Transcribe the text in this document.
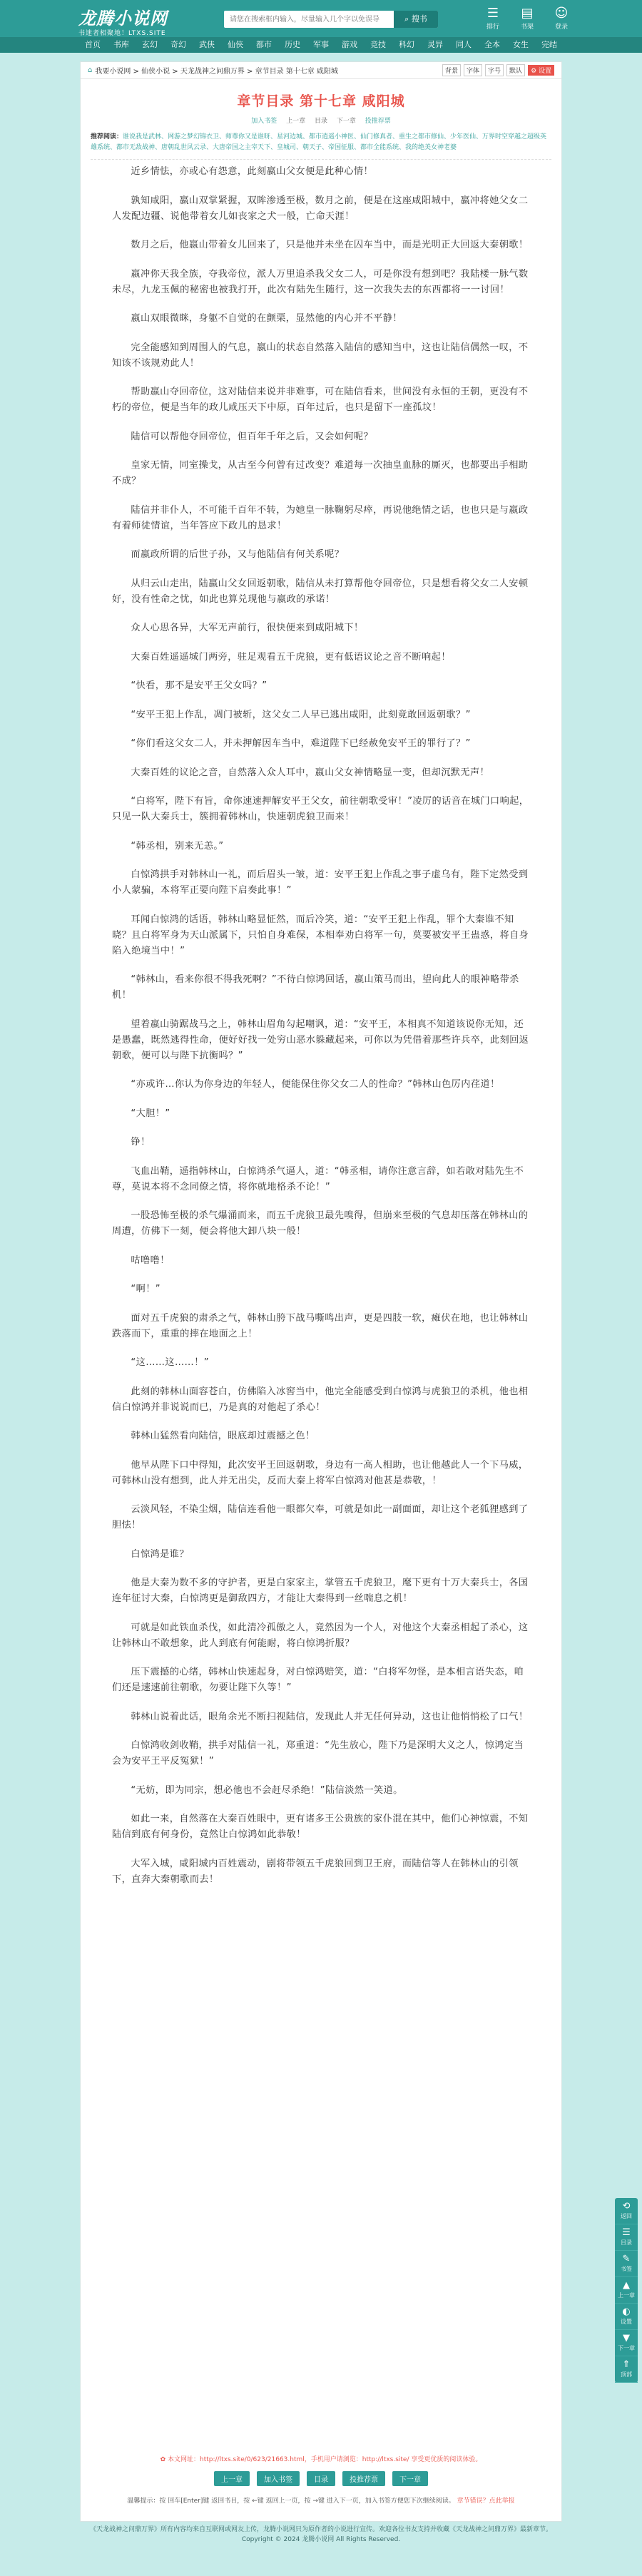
龙腾小说网
书迷者相聚地！LTXS.SITE
请您在搜索框内输入，尽量输入几个字以免误导
⌕ 搜书	☰
排行
▤
书架
☺
登录
首页	书库	玄幻	奇幻	武侠	仙侠	都市	历史	军事	游戏	竞技	科幻	灵异	同人	全本	女生	完结
⌂ 我要小说网 > 仙侠小说 > 天龙战神之问鼎万界 > 章节目录 第十七章 咸阳城	背景	字体	字号	默认	⚙ 设置
章节目录 第十七章 咸阳城
加入书签 上一章 目录 下一章 投推荐票
推荐阅读：谁说我是武林、网游之梦幻锦衣卫、师尊你又是谁呀、星河边城、都市逍遥小神医、仙门修真者、重生之都市修仙、少年医仙、万界时空穿越之超级英雄系统、都市无敌战神、唐朝乱世风云录、大唐帝国之主宰天下、皇城司、朝天子、帝国征服、都市全能系统、我的绝美女神老婆

近乡情怯，亦或心有怨意，此刻嬴山父女便是此种心情！

孰知咸阳，嬴山双掌紧握，双眸渗透至极，数月之前，便是在这座咸阳城中，嬴冲将她父女二人发配边疆、说他带着女儿如丧家之犬一般，亡命天涯！

数月之后，他嬴山带着女儿回来了，只是他并未坐在囚车当中，而是光明正大回返大秦朝歌！

嬴冲你天我全族，夺我帝位，派人万里追杀我父女二人，可是你没有想到吧？我陆楼一脉气数未尽，九龙玉佩的秘密也被我打开，此次有陆先生随行，这一次我失去的东西都将一一讨回！

嬴山双眼微眯，身躯不自觉的在颤栗，显然他的内心并不平静！

完全能感知到周围人的气息，嬴山的状态自然落入陆信的感知当中，这也让陆信偶然一叹，不知该不该规劝此人！

帮助嬴山夺回帝位，这对陆信来说并非难事，可在陆信看来，世间没有永恒的王朝，更没有不朽的帝位，便是当年的政儿咸压天下中原，百年过后，也只是留下一座孤坟！

陆信可以帮他夺回帝位，但百年千年之后，又会如何呢？

皇家无情，同室操戈，从古至今何曾有过改变？难道每一次抽皇血脉的厮灭，也都要出手相助不成？

陆信并非仆人，不可能千百年不转，为她皇一脉鞠躬尽瘁，再说他绝情之话，也也只是与嬴政有着师徒情谊，当年答应下政儿的恳求！

而嬴政所谓的后世子孙，又与他陆信有何关系呢？

从归云山走出，陆嬴山父女回返朝歌，陆信从未打算帮他夺回帝位，只是想看将父女二人安顿好，没有性命之忧，如此也算兑现他与嬴政的承诺！

众人心思各异，大军无声前行，很快便来到咸阳城下！

大秦百姓遥遥城门两旁，驻足观看五千虎狼，更有低语议论之音不断响起！

“快看，那不是安平王父女吗？”

“安平王犯上作乱，凋门被斩，这父女二人早已逃出咸阳，此刻竟敢回返朝歌？”

“你们看这父女二人，并未押解因车当中，难道陛下已经赦免安平王的罪行了？”

大秦百姓的议论之音，自然落入众人耳中，嬴山父女神情略显一变，但却沉默无声！

“白将军，陛下有旨，命你速速押解安平王父女，前往朝歌受审！”凌厉的话音在城门口响起，只见一队大秦兵士，簇拥着韩林山，快速朝虎狼卫而来！

“韩丞相，别来无恙。”

白惊鸿拱手对韩林山一礼，而后眉头一皱，道：安平王犯上作乱之事子虚乌有，陛下定然受到小人蒙骗，本将军正要向陛下启奏此事！”

耳闻白惊鸿的话语，韩林山略显怔然，而后冷笑，道：“安平王犯上作乱，罪个大秦谁不知晓？且白将军身为天山派属下，只怕自身难保，本相奉劝白将军一句，莫要被安平王蛊惑，将自身陷入绝境当中！”

“韩林山，看来你很不得我死啊？”不待白惊鸿回话，嬴山策马而出，望向此人的眼神略带杀机！

望着嬴山骑踞战马之上，韩林山眉角勾起嘲讽，道：“安平王，本相真不知道该说你无知，还是愚蠢，既然逃得性命，便好好找一处穷山恶水躲藏起来，可你以为凭借着那些许兵卒，此刻回返朝歌，便可以与陛下抗衡吗？”

“亦或许…你认为你身边的年轻人，便能保住你父女二人的性命？”韩林山色厉内荏道！

“大胆！”

铮！

飞血出鞘，遥指韩林山，白惊鸿杀气逼人，道：“韩丞相，请你注意言辞，如若敢对陆先生不尊，莫说本将不念同僚之情，将你就地格杀不论！”

一股恐怖至极的杀气爆涌而来，而五千虎狼卫最先嗅得，但崩来至极的气息却压落在韩林山的周遭，仿佛下一刻，便会将他大卸八块一般！

咕噜噜！

“啊！”

面对五千虎狼的肃杀之气，韩林山胯下战马嘶鸣出声，更是四肢一软，瘫伏在地，也让韩林山跌落而下，重重的摔在地面之上！

“这……这……！”

此刻的韩林山面容苍白，仿佛陷入冰窖当中，他完全能感受到白惊鸿与虎狼卫的杀机，他也相信白惊鸿并非说说而已，乃是真的对他起了杀心！

韩林山猛然看向陆信，眼底却过震撼之色！

他早从陛下口中得知，此次安平王回返朝歌，身边有一高人相助，也让他越此人一个下马威，可韩林山没有想到，此人并无出尖，反而大秦上将军白惊鸿对他甚是恭敬，！

云淡风轻，不染尘烟，陆信连看他一眼都欠奉，可就是如此一副面面，却让这个老狐狸感到了胆怯！

白惊鸿是谁？

他是大秦为数不多的守护者，更是白家家主，掌管五千虎狼卫，麾下更有十万大秦兵士，各国连年征讨大秦，白惊鸿更是御敌四方，才能让大秦得到一丝喘息之机！

可就是如此铁血杀伐，如此清冷孤傲之人，竟然因为一个人，对他这个大秦丞相起了杀心，这让韩林山不敢想象，此人到底有何能耐，将白惊鸿折服？

压下震撼的心绪，韩林山快速起身，对白惊鸿赔笑，道：“白将军勿怪，是本相言语失态，咱们还是速速前往朝歌，勿要让陛下久等！”

韩林山说着此话，眼角余光不断扫视陆信，发现此人并无任何异动，这也让他悄悄松了口气！

白惊鸿收剑收鞘，拱手对陆信一礼，郑重道：“先生放心，陛下乃是深明大义之人，惊鸿定当会为安平王平反冤狱！”

“无妨，即为同宗，想必他也不会赶尽杀绝！”陆信淡然一笑道。

如此一来，自然落在大秦百姓眼中，更有诸多王公贵族的家仆混在其中，他们心神惊震，不知陆信到底有何身份，竟然让白惊鸿如此恭敬！

大军入城，咸阳城内百姓震动，剧将带领五千虎狼回到卫王府，而陆信等人在韩林山的引领下，直奔大秦朝歌而去！

✿ 本文网址：http://ltxs.site/0/623/21663.html，手机用户请浏览：http://ltxs.site/ 享受更优质的阅读体验。
上一章	加入书签	目录	投推荐票	下一章
温馨提示：按 回车[Enter]键 返回书目，按 ←键 返回上一页，按 →键 进入下一页，加入书签方便您下次继续阅读。 章节错误？点此举报
《天龙战神之问鼎万界》所有内容均来自互联网或网友上传，龙腾小说网只为原作者的小说进行宣传。欢迎各位书友支持并收藏《天龙战神之问鼎万界》最新章节。
Copyright © 2024 龙腾小说网 All Rights Reserved.
⟲
返回
☰
目录
✎
书签
▲
上一章
◐
设置
▼
下一章
⇑
顶部
